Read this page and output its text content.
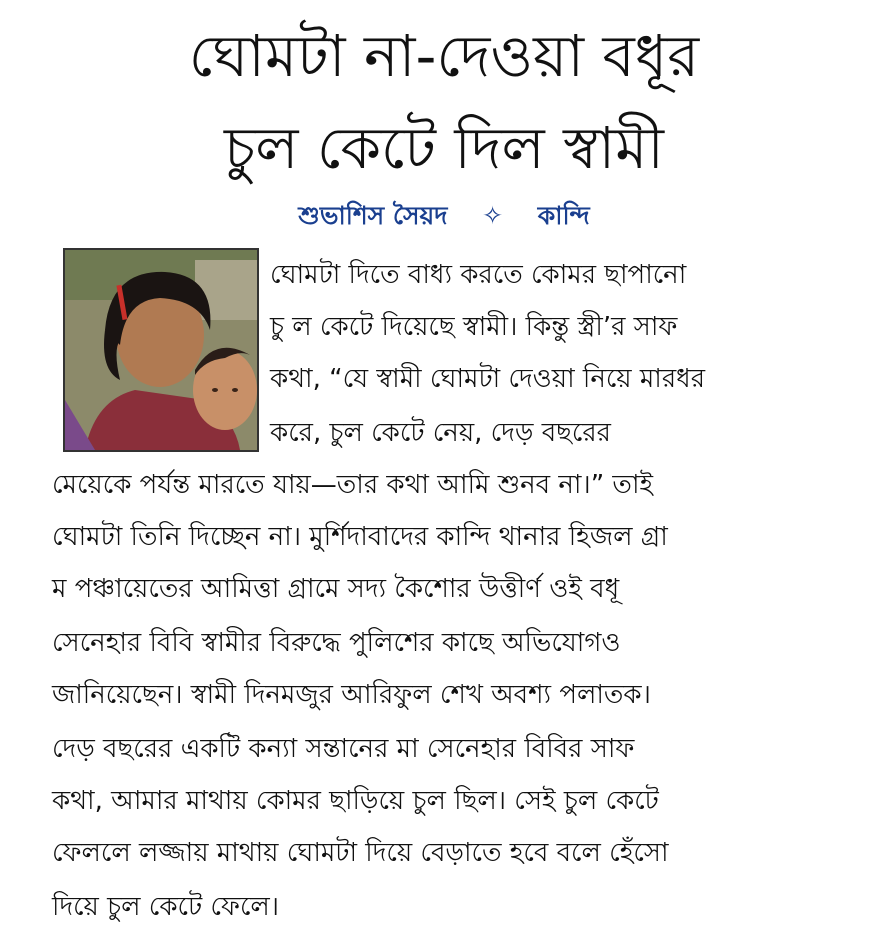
ঘোমটা না-দেওয়া বধূর
চুল কেটে দিল স্বামী
শুভাশিস সৈয়দ ✧ কান্দি
ঘোমটা দিতে বাধ্য করতে কোমর ছাপানো
চু ল কেটে দিয়েছে স্বামী। কিন্তু স্ত্রী’র সাফ
কথা, “যে স্বামী ঘোমটা দেওয়া নিয়ে মারধর
করে, চুল কেটে নেয়, দেড় বছরের
মেয়েকে পর্যন্ত মারতে যায়—তার কথা আমি শুনব না।” তাই
ঘোমটা তিনি দিচ্ছেন না। মুর্শিদাবাদের কান্দি থানার হিজল গ্রা
ম পঞ্চায়েতের আমিত্তা গ্রামে সদ্য কৈশোর উত্তীর্ণ ওই বধূ
সেনেহার বিবি স্বামীর বিরুদ্ধে পুলিশের কাছে অভিযোগও
জানিয়েছেন। স্বামী দিনমজুর আরিফুল শেখ অবশ্য পলাতক।
দেড় বছরের একটি কন্যা সন্তানের মা সেনেহার বিবির সাফ
কথা, আমার মাথায় কোমর ছাড়িয়ে চুল ছিল। সেই চুল কেটে
ফেললে লজ্জায় মাথায় ঘোমটা দিয়ে বেড়াতে হবে বলে হেঁসো
দিয়ে চুল কেটে ফেলে।
